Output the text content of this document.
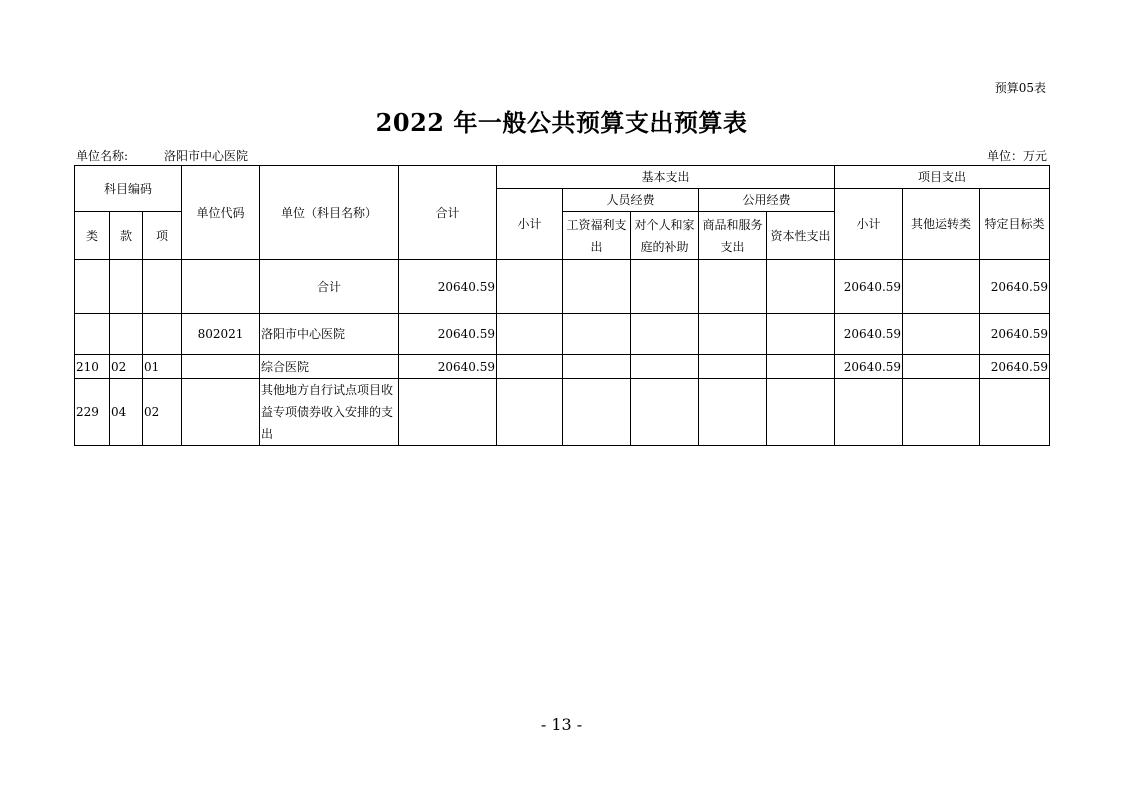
预算05表
2022 年一般公共预算支出预算表
单位名称:	洛阳市中心医院	单位：万元
科目编码			单位代码	单位（科目名称）	合计	基本支出					项目支出		
						小计	人员经费		公用经费		小计	其他运转类	特定目标类
类	款	项					工资福利支出	对个人和家庭的补助	商品和服务支出	资本性支出			
				合计	20640.59						20640.59		20640.59
			802021	洛阳市中心医院	20640.59						20640.59		20640.59
210	02	01		综合医院	20640.59						20640.59		20640.59
229	04	02		其他地方自行试点项目收益专项债券收入安排的支出									
- 13 -
